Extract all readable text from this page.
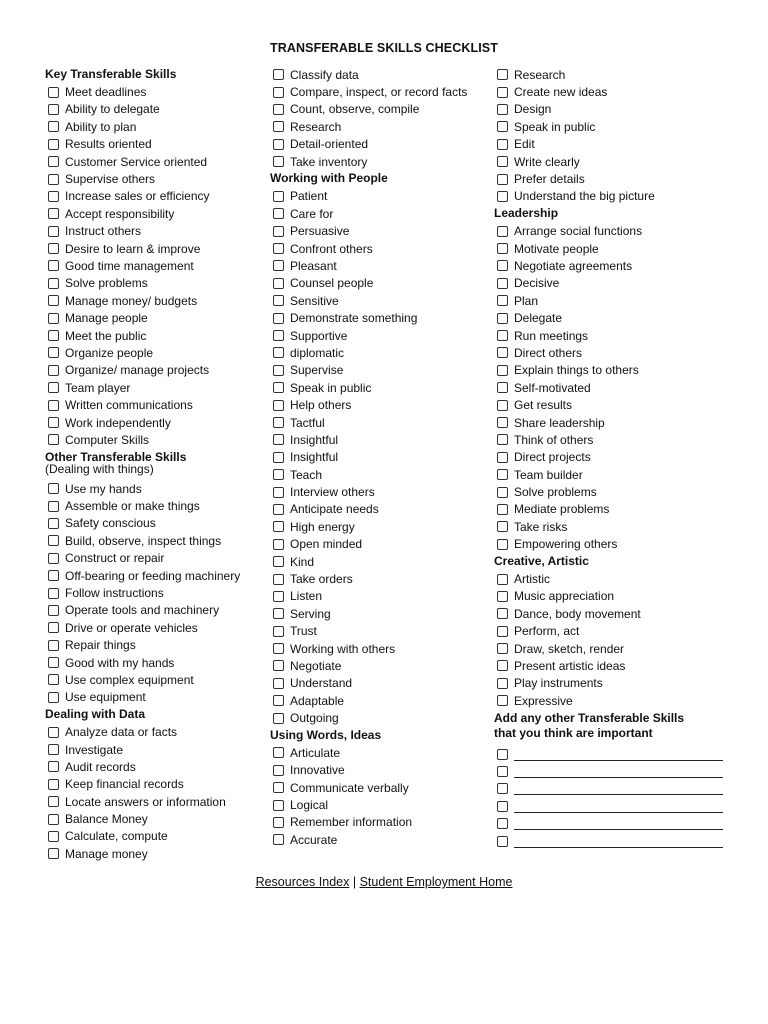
TRANSFERABLE SKILLS CHECKLIST
Key Transferable Skills
Meet deadlines
Ability to delegate
Ability to plan
Results oriented
Customer Service oriented
Supervise others
Increase sales or efficiency
Accept responsibility
Instruct others
Desire to learn & improve
Good time management
Solve problems
Manage money/ budgets
Manage people
Meet the public
Organize people
Organize/ manage projects
Team player
Written communications
Work independently
Computer Skills
Other Transferable Skills
(Dealing with things)
Use my hands
Assemble or make things
Safety conscious
Build, observe, inspect things
Construct or repair
Off-bearing or feeding machinery
Follow instructions
Operate tools and machinery
Drive or operate vehicles
Repair things
Good with my hands
Use complex equipment
Use equipment
Dealing with Data
Analyze data or facts
Investigate
Audit records
Keep financial records
Locate answers or information
Balance Money
Calculate, compute
Manage money
Classify data
Compare, inspect, or record facts
Count, observe, compile
Research
Detail-oriented
Take inventory
Working with People
Patient
Care for
Persuasive
Confront others
Pleasant
Counsel people
Sensitive
Demonstrate something
Supportive
diplomatic
Supervise
Speak in public
Help others
Tactful
Insightful
Insightful
Teach
Interview others
Anticipate needs
High energy
Open minded
Kind
Take orders
Listen
Serving
Trust
Working with others
Negotiate
Understand
Adaptable
Outgoing
Using Words, Ideas
Articulate
Innovative
Communicate verbally
Logical
Remember information
Accurate
Research
Create new ideas
Design
Speak in public
Edit
Write clearly
Prefer details
Understand the big picture
Leadership
Arrange social functions
Motivate people
Negotiate agreements
Decisive
Plan
Delegate
Run meetings
Direct others
Explain things to others
Self-motivated
Get results
Share leadership
Think of others
Direct projects
Team builder
Solve problems
Mediate problems
Take risks
Empowering others
Creative, Artistic
Artistic
Music appreciation
Dance, body movement
Perform, act
Draw, sketch, render
Present artistic ideas
Play instruments
Expressive
Add any other Transferable Skills
that you think are important
Resources Index | Student Employment Home
